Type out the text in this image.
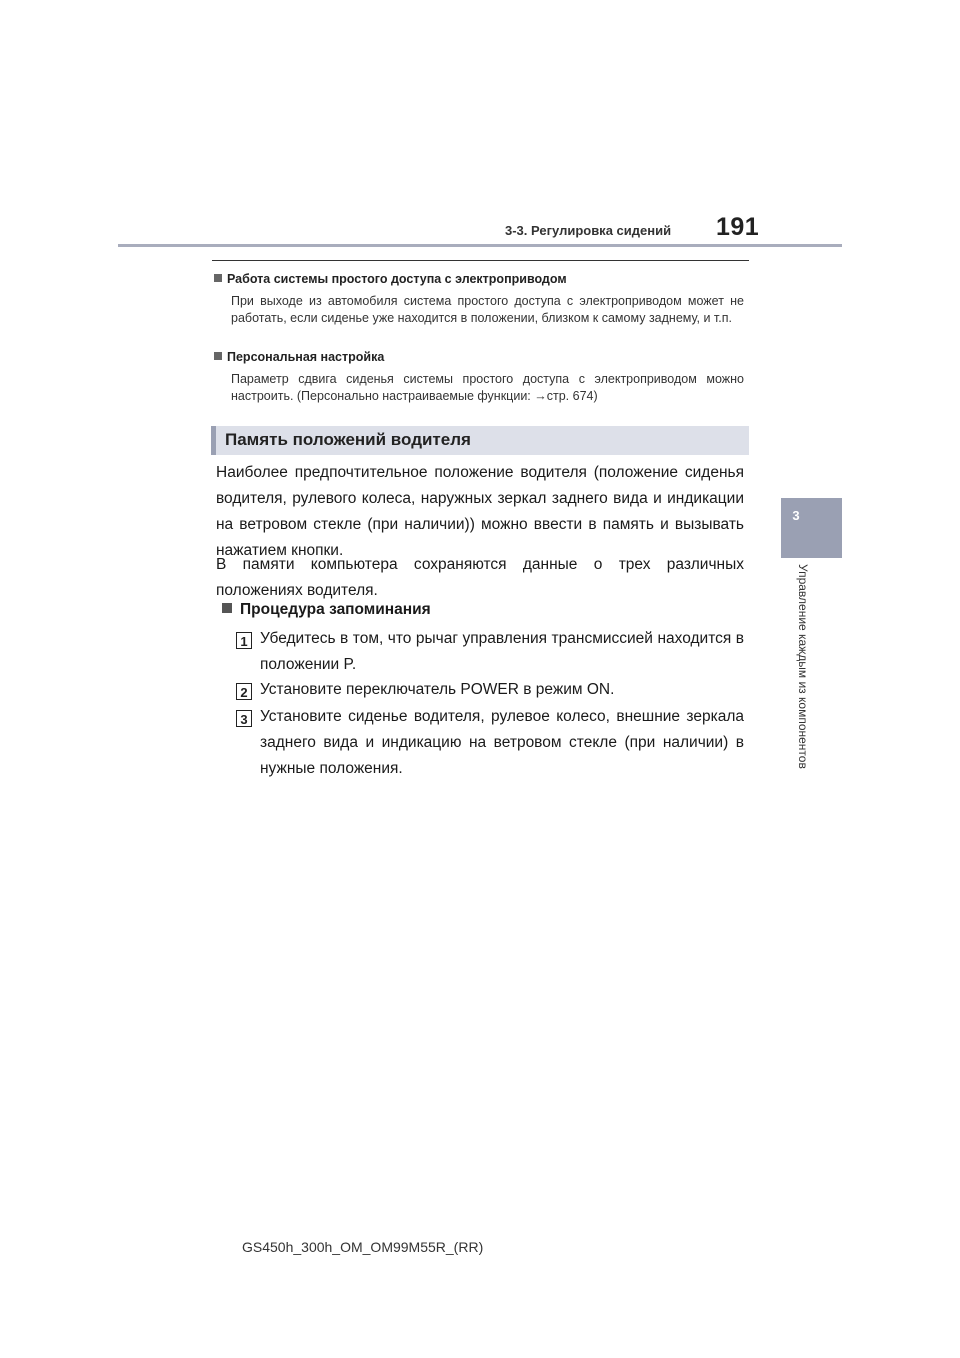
3-3. Регулировка сидений 191
3
Управление каждым из компонентов
Работа системы простого доступа с электроприводом
При выходе из автомобиля система простого доступа с электроприводом может не работать, если сиденье уже находится в положении, близком к самому заднему, и т.п.
Персональная настройка
Параметр сдвига сиденья системы простого доступа с электроприводом можно настроить. (Персонально настраиваемые функции: →стр. 674)
Память положений водителя
Наиболее предпочтительное положение водителя (положение сиденья водителя, рулевого колеса, наружных зеркал заднего вида и индикации на ветровом стекле (при наличии)) можно ввести в память и вызывать нажатием кнопки.
В памяти компьютера сохраняются данные о трех различных положениях водителя.
Процедура запоминания
1 Убедитесь в том, что рычаг управления трансмиссией находится в положении P.
2 Установите переключатель POWER в режим ON.
3 Установите сиденье водителя, рулевое колесо, внешние зеркала заднего вида и индикацию на ветровом стекле (при наличии) в нужные положения.
GS450h_300h_OM_OM99M55R_(RR)
